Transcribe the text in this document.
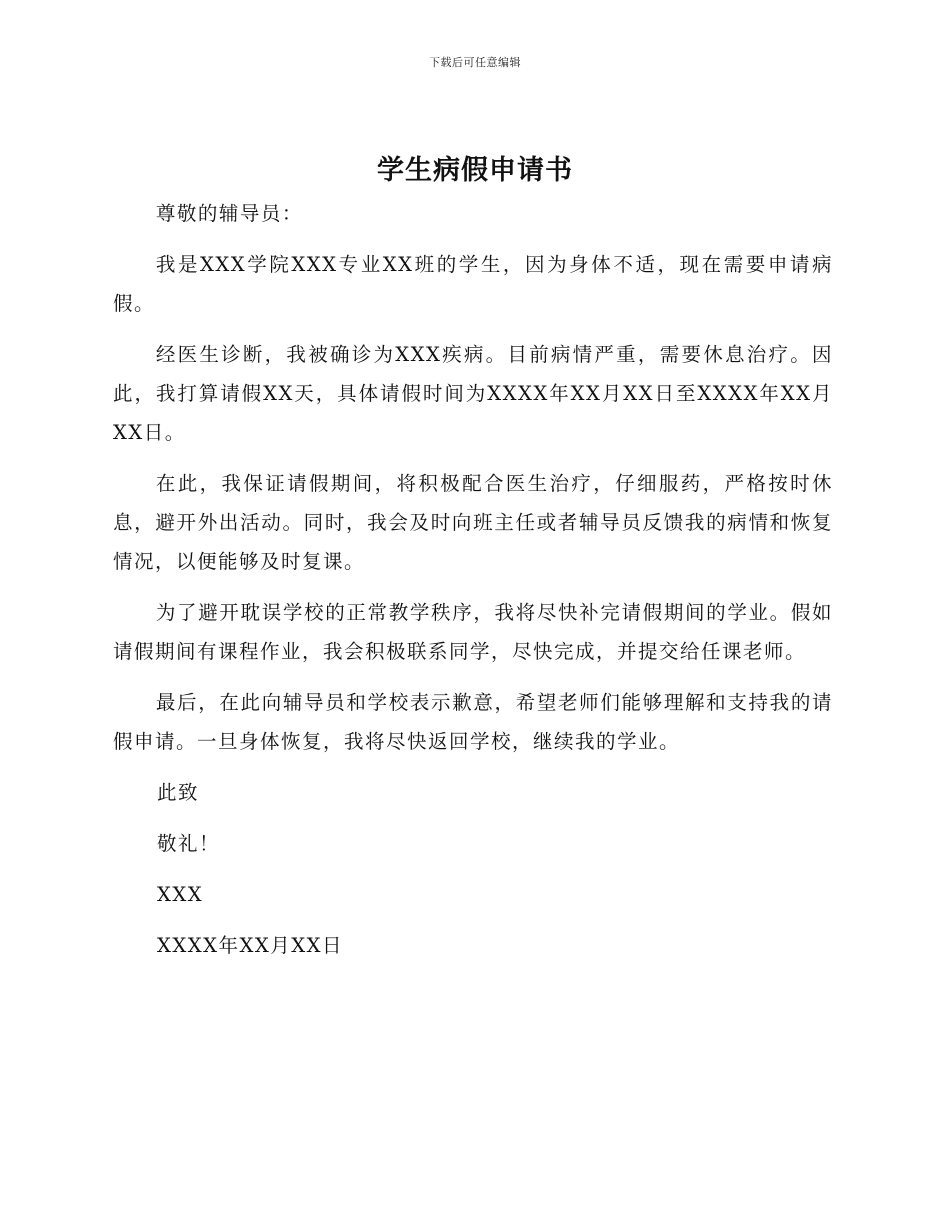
下载后可任意编辑
学生病假申请书

尊敬的辅导员：

我是XXX学院XXX专业XX班的学生，因为身体不适，现在需要申请病假。

经医生诊断，我被确诊为XXX疾病。目前病情严重，需要休息治疗。因此，我打算请假XX天，具体请假时间为XXXX年XX月XX日至XXXX年XX月XX日。

在此，我保证请假期间，将积极配合医生治疗，仔细服药，严格按时休息，避开外出活动。同时，我会及时向班主任或者辅导员反馈我的病情和恢复情况，以便能够及时复课。

为了避开耽误学校的正常教学秩序，我将尽快补完请假期间的学业。假如请假期间有课程作业，我会积极联系同学，尽快完成，并提交给任课老师。

最后，在此向辅导员和学校表示歉意，希望老师们能够理解和支持我的请假申请。一旦身体恢复，我将尽快返回学校，继续我的学业。

此致

敬礼！

XXX

XXXX年XX月XX日
